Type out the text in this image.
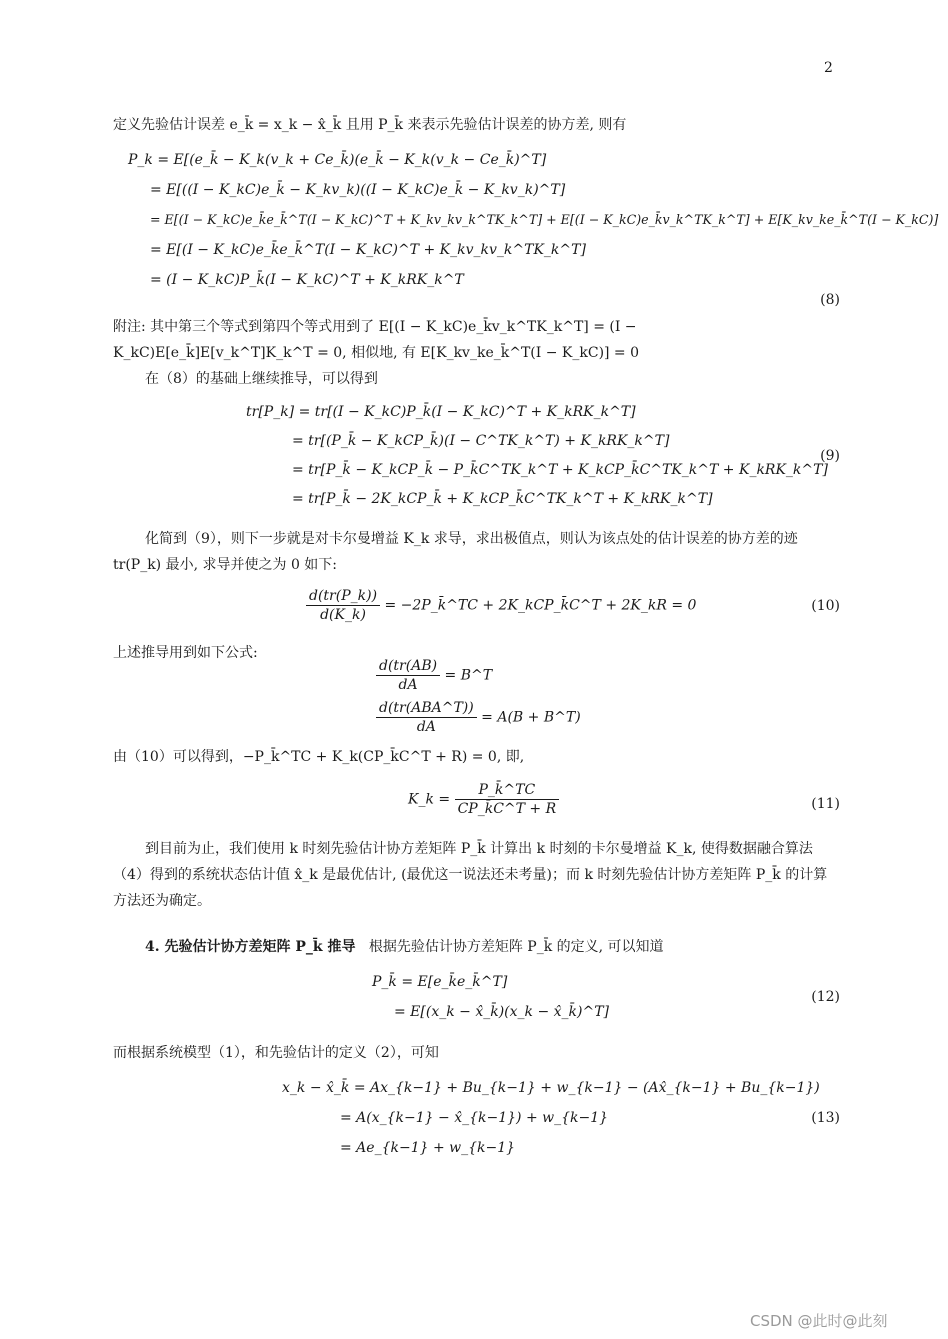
2
定义先验估计误差 e_k̄ = x_k − x̂_k̄ 且用 P_k̄ 来表示先验估计误差的协方差, 则有
P_k = E[(e_k̄ − K_k(v_k + Ce_k̄)(e_k̄ − K_k(v_k − Ce_k̄)^T]
= E[((I − K_kC)e_k̄ − K_kv_k)((I − K_kC)e_k̄ − K_kv_k)^T]
= E[(I − K_kC)e_k̄e_k̄^T(I − K_kC)^T + K_kv_kv_k^TK_k^T] + E[(I − K_kC)e_k̄v_k^TK_k^T] + E[K_kv_ke_k̄^T(I − K_kC)]
= E[(I − K_kC)e_k̄e_k̄^T(I − K_kC)^T + K_kv_kv_k^TK_k^T]
= (I − K_kC)P_k̄(I − K_kC)^T + K_kRK_k^T
(8)
附注: 其中第三个等式到第四个等式用到了 E[(I − K_kC)e_k̄v_k^TK_k^T] = (I − K_kC)E[e_k̄]E[v_k^T]K_k^T = 0, 相似地, 有 E[K_kv_ke_k̄^T(I − K_kC)] = 0
在（8）的基础上继续推导，可以得到
tr[P_k] = tr[(I − K_kC)P_k̄(I − K_kC)^T + K_kRK_k^T]
= tr[(P_k̄ − K_kCP_k̄)(I − C^TK_k^T) + K_kRK_k^T]
= tr[P_k̄ − K_kCP_k̄ − P_k̄C^TK_k^T + K_kCP_k̄C^TK_k^T + K_kRK_k^T]
= tr[P_k̄ − 2K_kCP_k̄ + K_kCP_k̄C^TK_k^T + K_kRK_k^T]
(9)
化简到（9），则下一步就是对卡尔曼增益 K_k 求导，求出极值点，则认为该点处的估计误差的协方差的迹 tr(P_k) 最小, 求导并使之为 0 如下:
$\frac{d(tr(P\_k))}{d(K\_k)}$ = −2P_k̄^TC + 2K_kCP_k̄C^T + 2K_kR = 0	(10)
上述推导用到如下公式:
$\frac{d(tr(AB)}{dA}$ = B^T
$\frac{\text{d(tr(ABA\textasciicircum{}T))}}{dA} = A(B$ + B^T)
由（10）可以得到，−P_k̄^TC + K_k(CP_k̄C^T + R) = 0, 即,
K_k = $\frac{P\_k̄\^{}TC}{CP\_k̄C\^{}T + R}$	(11)
到目前为止，我们使用 k 时刻先验估计协方差矩阵 P_k̄ 计算出 k 时刻的卡尔曼增益 K_k, 使得数据融合算法（4）得到的系统状态估计值 x̂_k 是最优估计, (最优这一说法还未考量)；而 k 时刻先验估计协方差矩阵 P_k̄ 的计算方法还为确定。
4. 先验估计协方差矩阵 P_k̄ 推导 根据先验估计协方差矩阵 P_k̄ 的定义, 可以知道
P_k̄ = E[e_k̄e_k̄^T]
= E[(x_k − x̂_k̄)(x_k − x̂_k̄)^T]
(12)
而根据系统模型（1），和先验估计的定义（2），可知
x_k − x̂_k̄ = Ax_{k−1} + Bu_{k−1} + w_{k−1} − (Ax̂_{k−1} + Bu_{k−1})
= A(x_{k−1} − x̂_{k−1}) + w_{k−1}
= Ae_{k−1} + w_{k−1}
(13)
CSDN @此时@此刻
